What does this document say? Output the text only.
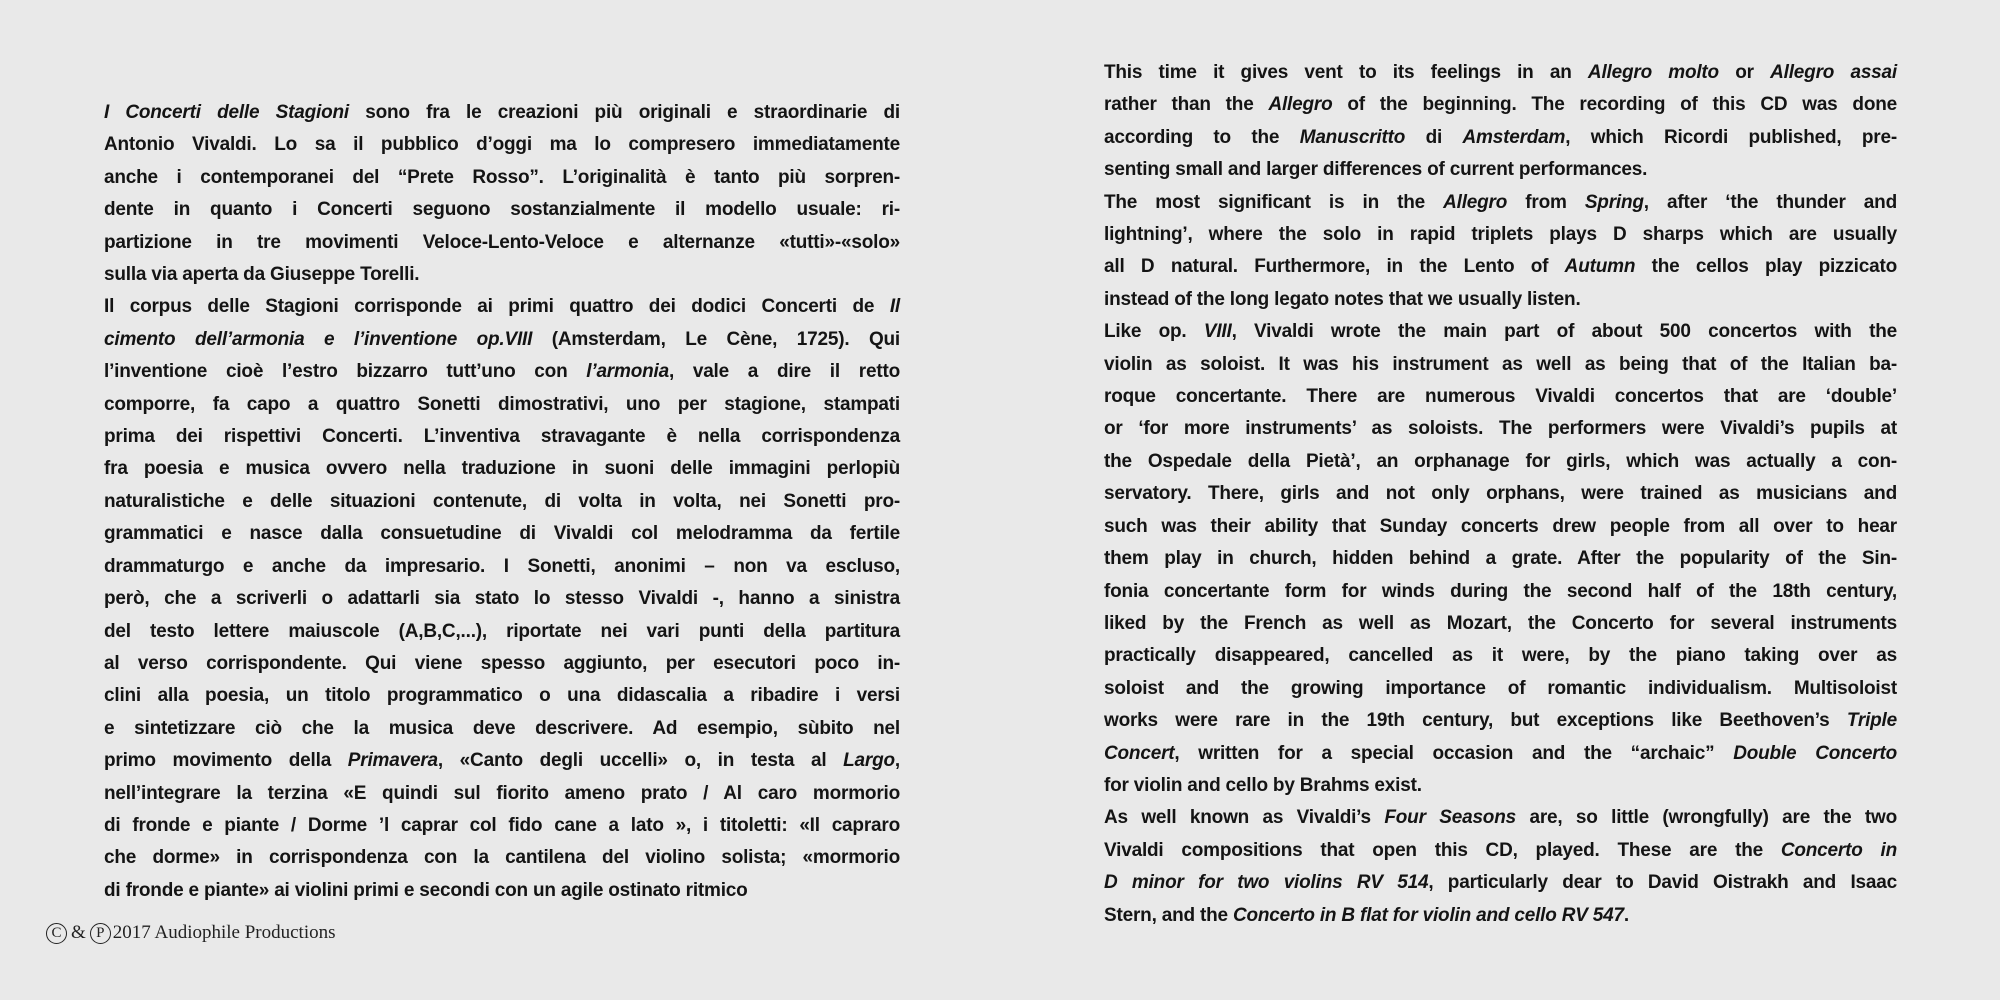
I Concerti delle Stagioni sono fra le creazioni più originali e straordinarie di
Antonio Vivaldi. Lo sa il pubblico d’oggi ma lo compresero immediatamente
anche i contemporanei del “Prete Rosso”. L’originalità è tanto più sorpren-
dente in quanto i Concerti seguono sostanzialmente il modello usuale: ri-
partizione in tre movimenti Veloce-Lento-Veloce e alternanze «tutti»-«solo»
sulla via aperta da Giuseppe Torelli.
Il corpus delle Stagioni corrisponde ai primi quattro dei dodici Concerti de Il
cimento dell’armonia e l’inventione op.VIII (Amsterdam, Le Cène, 1725). Qui
l’inventione cioè l’estro bizzarro tutt’uno con l’armonia, vale a dire il retto
comporre, fa capo a quattro Sonetti dimostrativi, uno per stagione, stampati
prima dei rispettivi Concerti. L’inventiva stravagante è nella corrispondenza
fra poesia e musica ovvero nella traduzione in suoni delle immagini perlopiù
naturalistiche e delle situazioni contenute, di volta in volta, nei Sonetti pro-
grammatici e nasce dalla consuetudine di Vivaldi col melodramma da fertile
drammaturgo e anche da impresario. I Sonetti, anonimi – non va escluso,
però, che a scriverli o adattarli sia stato lo stesso Vivaldi -, hanno a sinistra
del testo lettere maiuscole (A,B,C,...), riportate nei vari punti della partitura
al verso corrispondente. Qui viene spesso aggiunto, per esecutori poco in-
clini alla poesia, un titolo programmatico o una didascalia a ribadire i versi
e sintetizzare ciò che la musica deve descrivere. Ad esempio, sùbito nel
primo movimento della Primavera, «Canto degli uccelli» o, in testa al Largo,
nell’integrare la terzina «E quindi sul fiorito ameno prato / Al caro mormorio
di fronde e piante / Dorme ’l caprar col fido cane a lato », i titoletti: «Il capraro
che dorme» in corrispondenza con la cantilena del violino solista; «mormorio
di fronde e piante» ai violini primi e secondi con un agile ostinato ritmico
This time it gives vent to its feelings in an Allegro molto or Allegro assai
rather than the Allegro of the beginning. The recording of this CD was done
according to the Manuscritto di Amsterdam, which Ricordi published, pre-
senting small and larger differences of current performances.
The most significant is in the Allegro from Spring, after ‘the thunder and
lightning’, where the solo in rapid triplets plays D sharps which are usually
all D natural. Furthermore, in the Lento of Autumn the cellos play pizzicato
instead of the long legato notes that we usually listen.
Like op. VIII, Vivaldi wrote the main part of about 500 concertos with the
violin as soloist. It was his instrument as well as being that of the Italian ba-
roque concertante. There are numerous Vivaldi concertos that are ‘double’
or ‘for more instruments’ as soloists. The performers were Vivaldi’s pupils at
the Ospedale della Pietà’, an orphanage for girls, which was actually a con-
servatory. There, girls and not only orphans, were trained as musicians and
such was their ability that Sunday concerts drew people from all over to hear
them play in church, hidden behind a grate. After the popularity of the Sin-
fonia concertante form for winds during the second half of the 18th century,
liked by the French as well as Mozart, the Concerto for several instruments
practically disappeared, cancelled as it were, by the piano taking over as
soloist and the growing importance of romantic individualism. Multisoloist
works were rare in the 19th century, but exceptions like Beethoven’s Triple
Concert, written for a special occasion and the “archaic” Double Concerto
for violin and cello by Brahms exist.
As well known as Vivaldi’s Four Seasons are, so little (wrongfully) are the two
Vivaldi compositions that open this CD, played. These are the Concerto in
D minor for two violins RV 514, particularly dear to David Oistrakh and Isaac
Stern, and the Concerto in B flat for violin and cello RV 547.
C & P 2017 Audiophile Productions
